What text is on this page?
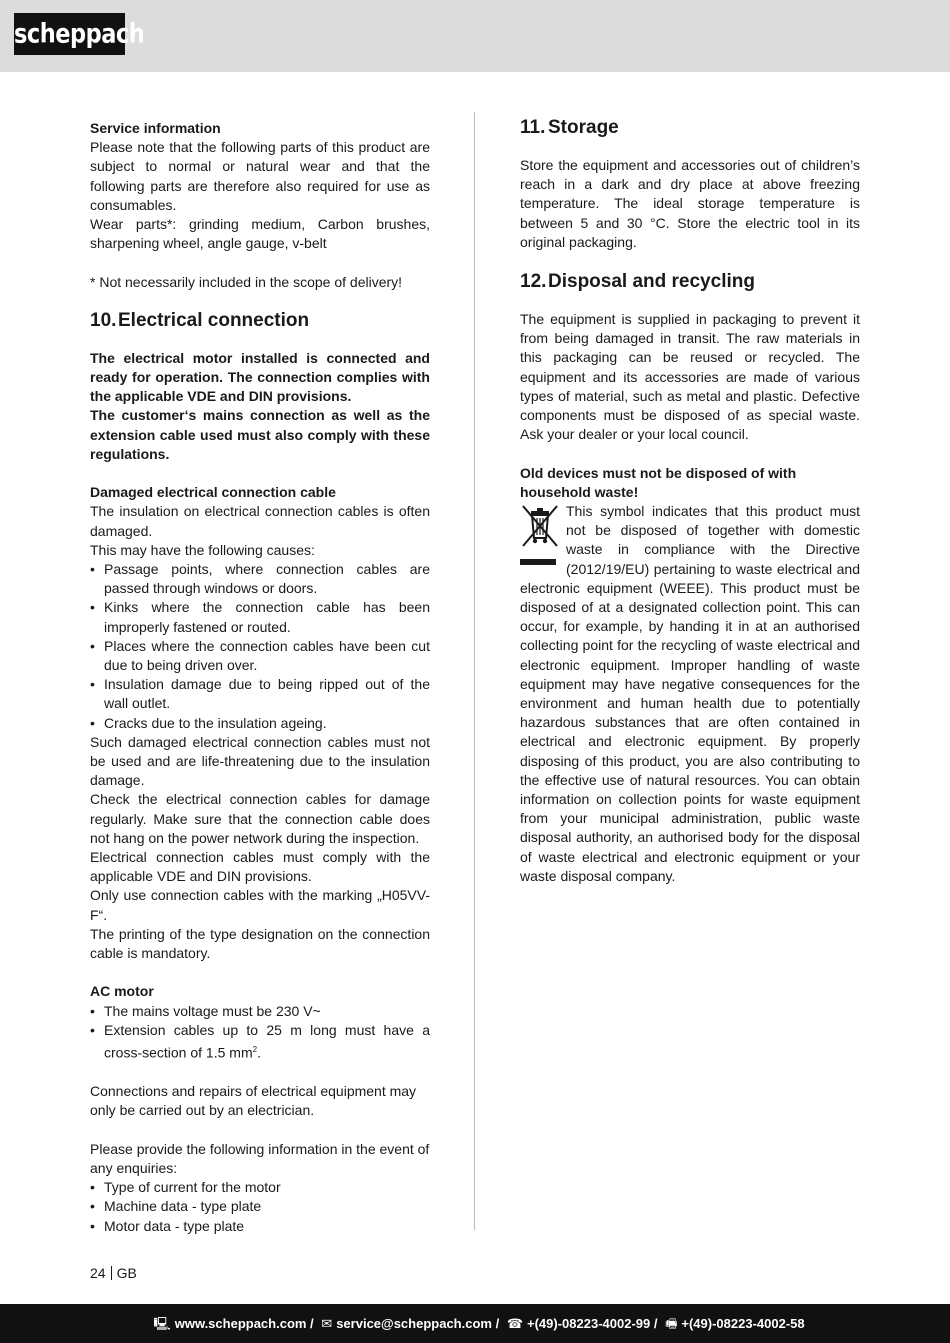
scheppach

Service information

Please note that the following parts of this product are subject to normal or natural wear and that the following parts are therefore also required for use as consumables.

Wear parts*: grinding medium, Carbon brushes, sharpening wheel, angle gauge, v-belt

* Not necessarily included in the scope of delivery!

10.Electrical connection

The electrical motor installed is connected and ready for operation. The connection complies with the applicable VDE and DIN provisions.

The customer‘s mains connection as well as the extension cable used must also comply with these regulations.

Damaged electrical connection cable

The insulation on electrical connection cables is often damaged.

This may have the following causes:

• Passage points, where connection cables are passed through windows or doors.
• Kinks where the connection cable has been improperly fastened or routed.
• Places where the connection cables have been cut due to being driven over.
• Insulation damage due to being ripped out of the wall outlet.
• Cracks due to the insulation ageing.

Such damaged electrical connection cables must not be used and are life-threatening due to the insulation damage.

Check the electrical connection cables for damage regularly. Make sure that the connection cable does not hang on the power network during the inspection.

Electrical connection cables must comply with the applicable VDE and DIN provisions.

Only use connection cables with the marking „H05VV-F“.

The printing of the type designation on the connection cable is mandatory.

AC motor

• The mains voltage must be 230 V~
• Extension cables up to 25 m long must have a cross-section of 1.5 $mm^2$.

Connections and repairs of electrical equipment may only be carried out by an electrician.

Please provide the following information in the event of any enquiries:

• Type of current for the motor
• Machine data - type plate
• Motor data - type plate
11. Storage

Store the equipment and accessories out of children’s reach in a dark and dry place at above freezing temperature. The ideal storage temperature is between 5 and 30 °C. Store the electric tool in its original packaging.

12.Disposal and recycling

The equipment is supplied in packaging to prevent it from being damaged in transit. The raw materials in this packaging can be reused or recycled. The equipment and its accessories are made of various types of material, such as metal and plastic. Defective components must be disposed of as special waste. Ask your dealer or your local council.

Old devices must not be disposed of with household waste!

This symbol indicates that this product must not be disposed of together with domestic waste in compliance with the Directive (2012/19/EU) pertaining to waste electrical and electronic equipment (WEEE). This product must be disposed of at a designated collection point. This can occur, for example, by handing it in at an authorised collecting point for the recycling of waste electrical and electronic equipment. Improper handling of waste equipment may have negative consequences for the environment and human health due to potentially hazardous substances that are often contained in electrical and electronic equipment. By properly disposing of this product, you are also contributing to the effective use of natural resources. You can obtain information on collection points for waste equipment from your municipal administration, public waste disposal authority, an authorised body for the disposal of waste electrical and electronic equipment or your waste disposal company.

24 GB
🖳 www.scheppach.com / ✉ service@scheppach.com / ☎ +(49)-08223-4002-99 / 🖷 +(49)-08223-4002-58
